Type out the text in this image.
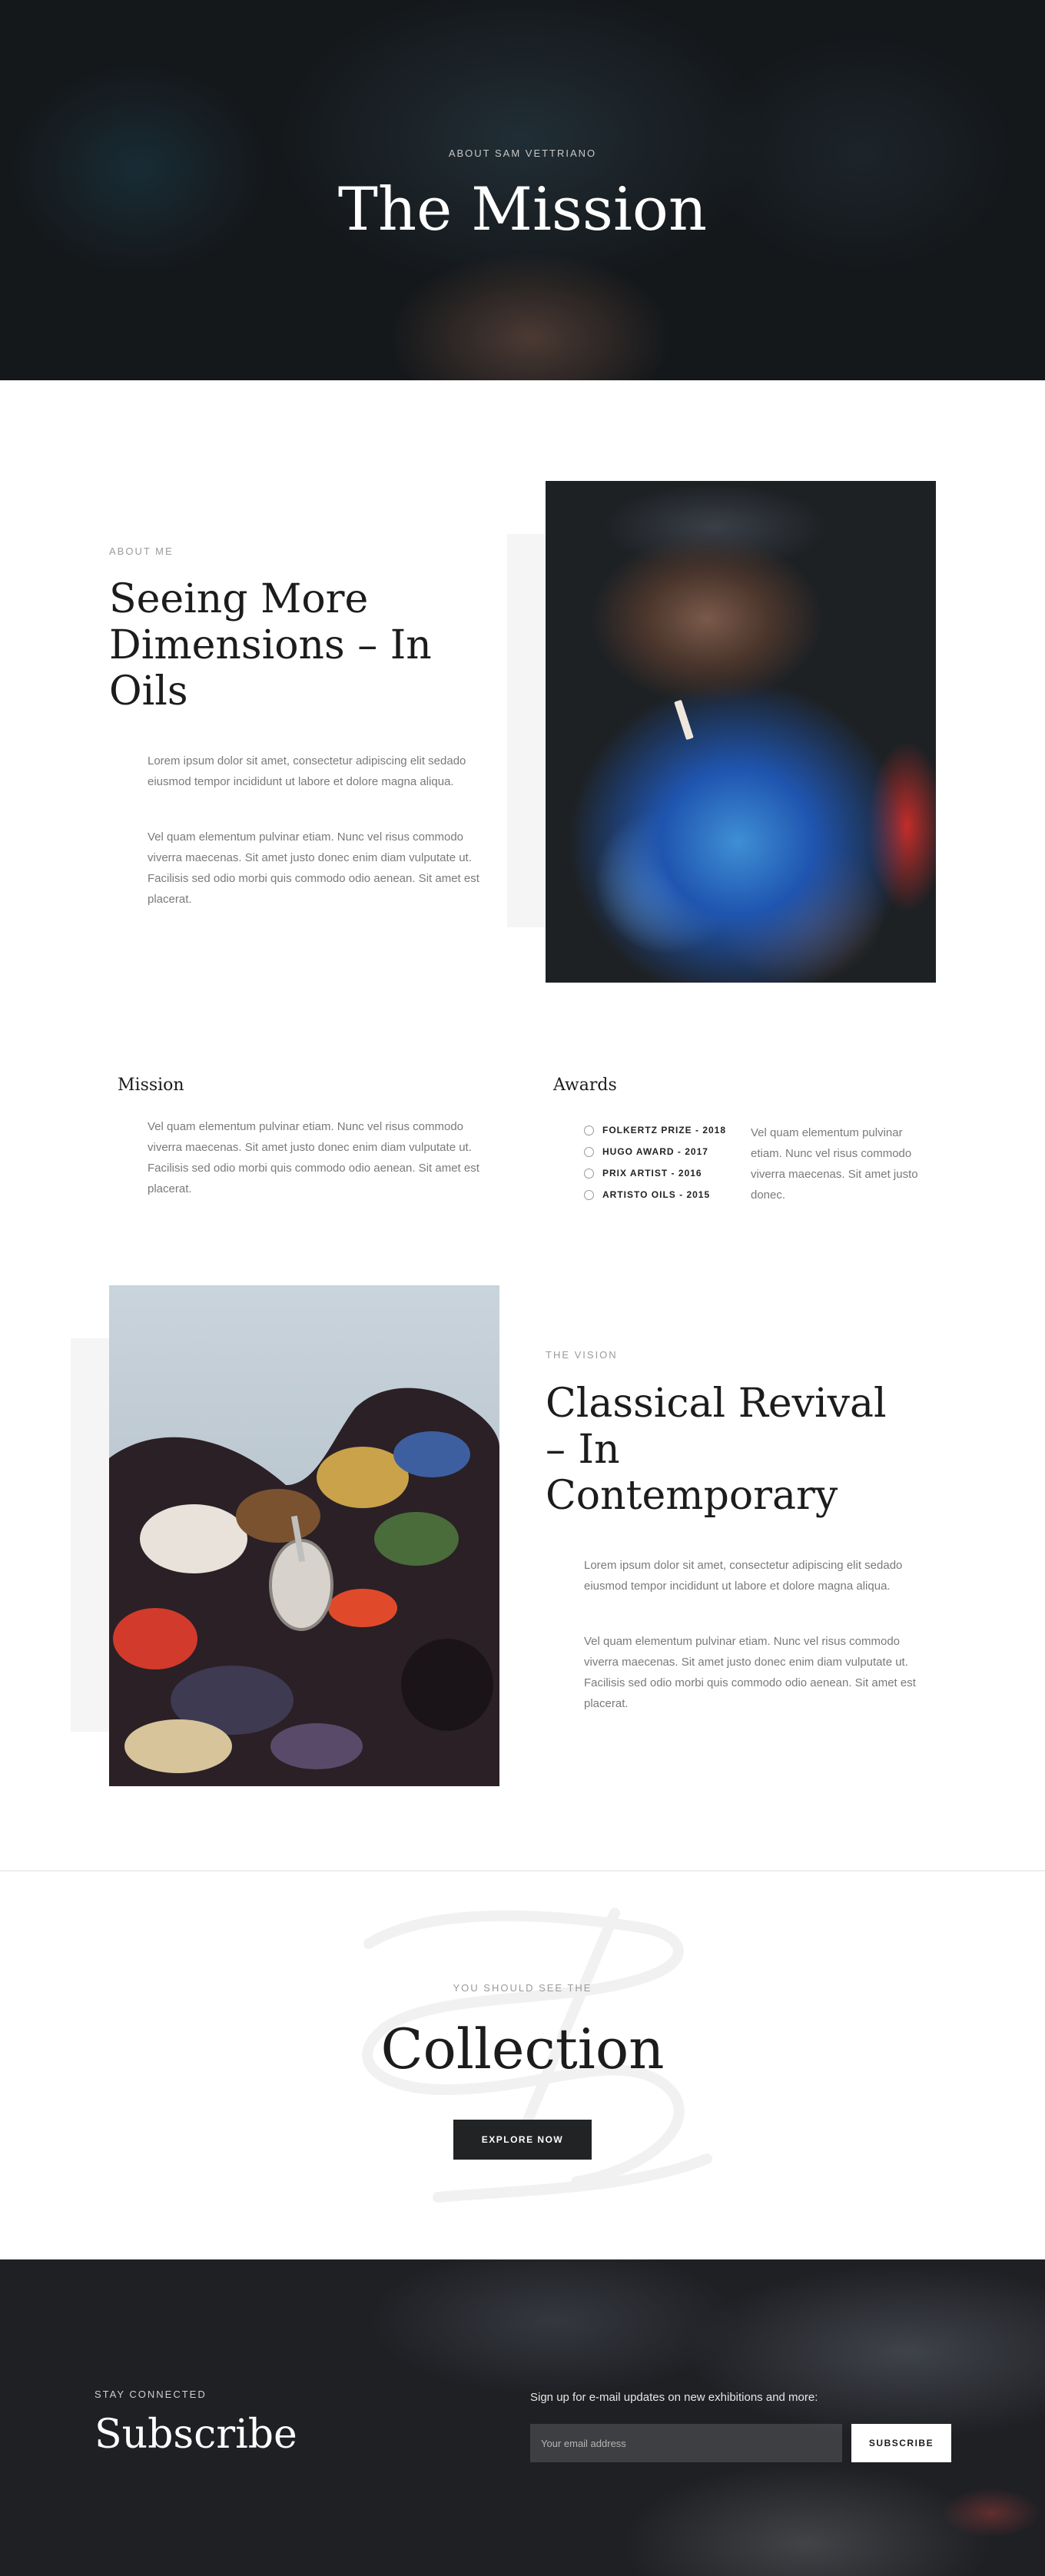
ABOUT SAM VETTRIANO
The Mission
ABOUT ME
Seeing More Dimensions – In Oils

Lorem ipsum dolor sit amet, consectetur adipiscing elit sedado eiusmod tempor incididunt ut labore et dolore magna aliqua.

Vel quam elementum pulvinar etiam. Nunc vel risus commodo viverra maecenas. Sit amet justo donec enim diam vulputate ut. Facilisis sed odio morbi quis commodo odio aenean. Sit amet est placerat.

Mission

Vel quam elementum pulvinar etiam. Nunc vel risus commodo viverra maecenas. Sit amet justo donec enim diam vulputate ut. Facilisis sed odio morbi quis commodo odio aenean. Sit amet est placerat.

Awards
FOLKERTZ PRIZE - 2018
HUGO AWARD - 2017
PRIX ARTIST - 2016
ARTISTO OILS - 2015

Vel quam elementum pulvinar etiam. Nunc vel risus commodo viverra maecenas. Sit amet justo donec.

THE VISION
Classical Revival – In Contemporary

Lorem ipsum dolor sit amet, consectetur adipiscing elit sedado eiusmod tempor incididunt ut labore et dolore magna aliqua.

Vel quam elementum pulvinar etiam. Nunc vel risus commodo viverra maecenas. Sit amet justo donec enim diam vulputate ut. Facilisis sed odio morbi quis commodo odio aenean. Sit amet est placerat.

YOU SHOULD SEE THE
Collection
EXPLORE NOW
STAY CONNECTED
Subscribe
Sign up for e-mail updates on new exhibitions and more:
Your email address
SUBSCRIBE
